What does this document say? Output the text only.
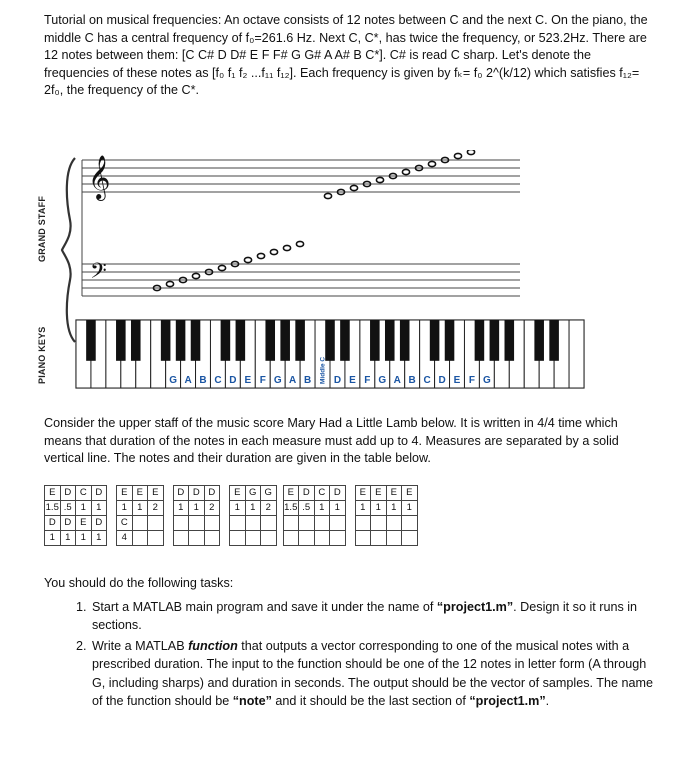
Tutorial on musical frequencies: An octave consists of 12 notes between C and the next C. On the piano, the middle C has a central frequency of f₀=261.6 Hz. Next C, C*, has twice the frequency, or 523.2Hz. There are 12 notes between them: [C C# D D# E F F# G G# A A# B C*]. C# is read C sharp. Let's denote the frequencies of these notes as [f₀ f₁ f₂ ...f₁₁ f₁₂]. Each frequency is given by fₖ= f₀ 2^(k/12) which satisfies f₁₂= 2f₀, the frequency of the C*.

GRAND STAFF
PIANO KEYS
𝄞
𝄢
G A B C D E F G A B Middle C D E F G A B C D E F G

Consider the upper staff of the music score Mary Had a Little Lamb below. It is written in 4/4 time which means that duration of the notes in each measure must add up to 4. Measures are separated by a solid vertical line. The notes and their duration are given in the table below.

E	D	C	D		E	E	E		D	D	D		E	G	G		E	D	C	D		E	E	E	E
1.5	.5	1	1		1	1	2		1	1	2		1	1	2		1.5	.5	1	1		1	1	1	1
D	D	E	D		C																				
1	1	1	1		4																				

You should do the following tasks:

1. Start a MATLAB main program and save it under the name of “project1.m”. Design it so it runs in sections.
2. Write a MATLAB function that outputs a vector corresponding to one of the musical notes with a prescribed duration. The input to the function should be one of the 12 notes in letter form (A through G, including sharps) and duration in seconds. The output should be the vector of samples. The name of the function should be “note” and it should be the last section of “project1.m”.
